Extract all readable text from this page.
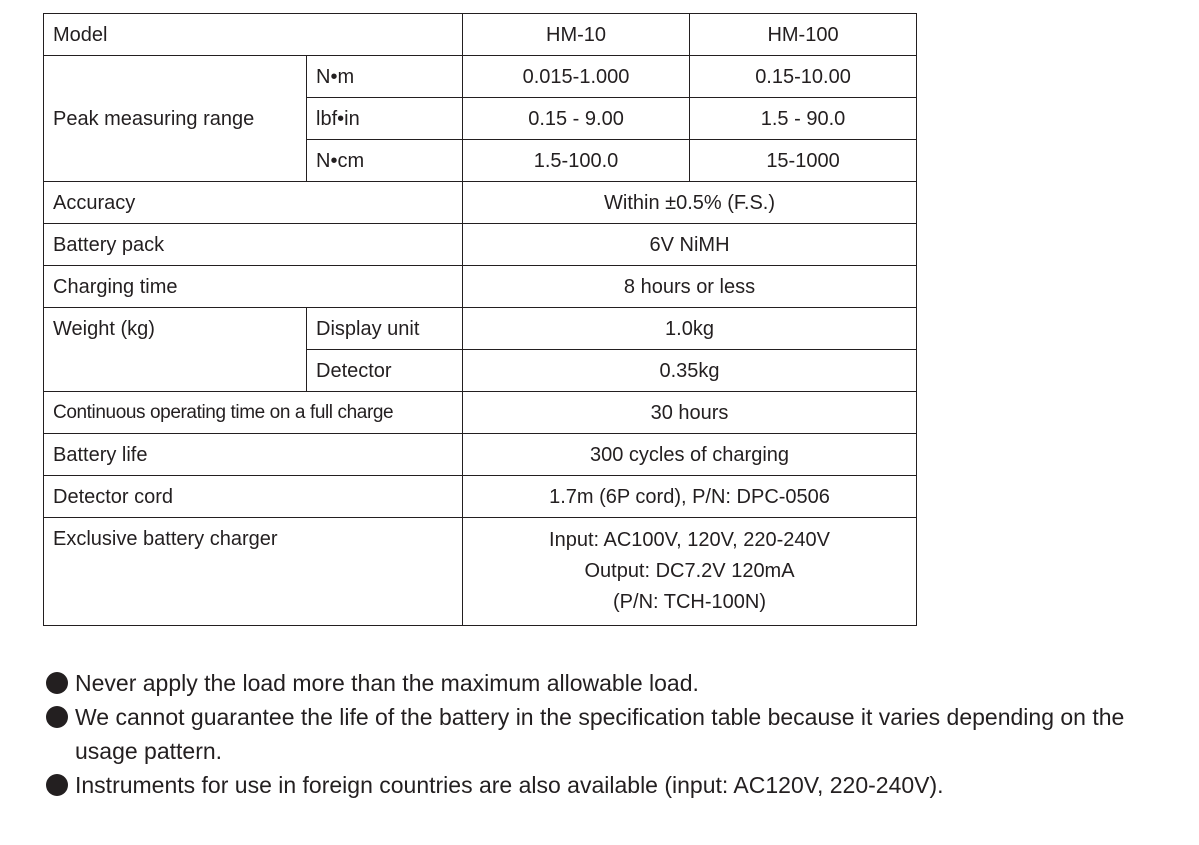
Model		HM-10	HM-100
Peak measuring range	N•m	0.015-1.000	0.15-10.00
	lbf•in	0.15 - 9.00	1.5 - 90.0
	N•cm	1.5-100.0	15-1000
Accuracy		Within ±0.5% (F.S.)	
Battery pack		6V NiMH	
Charging time		8 hours or less	
Weight (kg)	Display unit	1.0kg	
	Detector	0.35kg	
Continuous operating time on a full charge		30 hours	
Battery life		300 cycles of charging	
Detector cord		1.7m (6P cord), P/N: DPC-0506	
Exclusive battery charger		Input: AC100V, 120V, 220-240V
Output: DC7.2V 120mA
(P/N: TCH-100N)	
Never apply the load more than the maximum allowable load.
We cannot guarantee the life of the battery in the specification table because it varies depending on the usage pattern.
Instruments for use in foreign countries are also available (input: AC120V, 220-240V).
